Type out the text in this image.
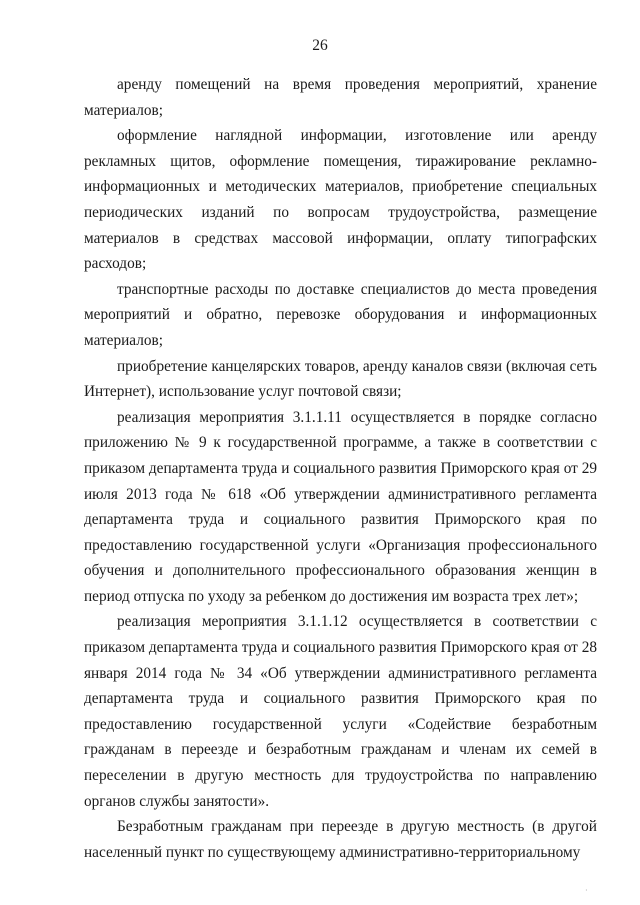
26

аренду помещений на время проведения мероприятий, хранение материалов;

оформление наглядной информации, изготовление или аренду рекламных щитов, оформление помещения, тиражирование рекламно-информационных и методических материалов, приобретение специальных периодических изданий по вопросам трудоустройства, размещение материалов в средствах массовой информации, оплату типографских расходов;

транспортные расходы по доставке специалистов до места проведения мероприятий и обратно, перевозке оборудования и информационных материалов;

приобретение канцелярских товаров, аренду каналов связи (включая сеть Интернет), использование услуг почтовой связи;

реализация мероприятия 3.1.1.11 осуществляется в порядке согласно приложению № 9 к государственной программе, а также в соответствии с приказом департамента труда и социального развития Приморского края от 29 июля 2013 года № 618 «Об утверждении административного регламента департамента труда и социального развития Приморского края по предоставлению государственной услуги «Организация профессионального обучения и дополнительного профессионального образования женщин в период отпуска по уходу за ребенком до достижения им возраста трех лет»;

реализация мероприятия 3.1.1.12 осуществляется в соответствии с приказом департамента труда и социального развития Приморского края от 28 января 2014 года № 34 «Об утверждении административного регламента департамента труда и социального развития Приморского края по предоставлению государственной услуги «Содействие безработным гражданам в переезде и безработным гражданам и членам их семей в переселении в другую местность для трудоустройства по направлению органов службы занятости».

Безработным гражданам при переезде в другую местность (в другой населенный пункт по существующему административно-территориальному

·
